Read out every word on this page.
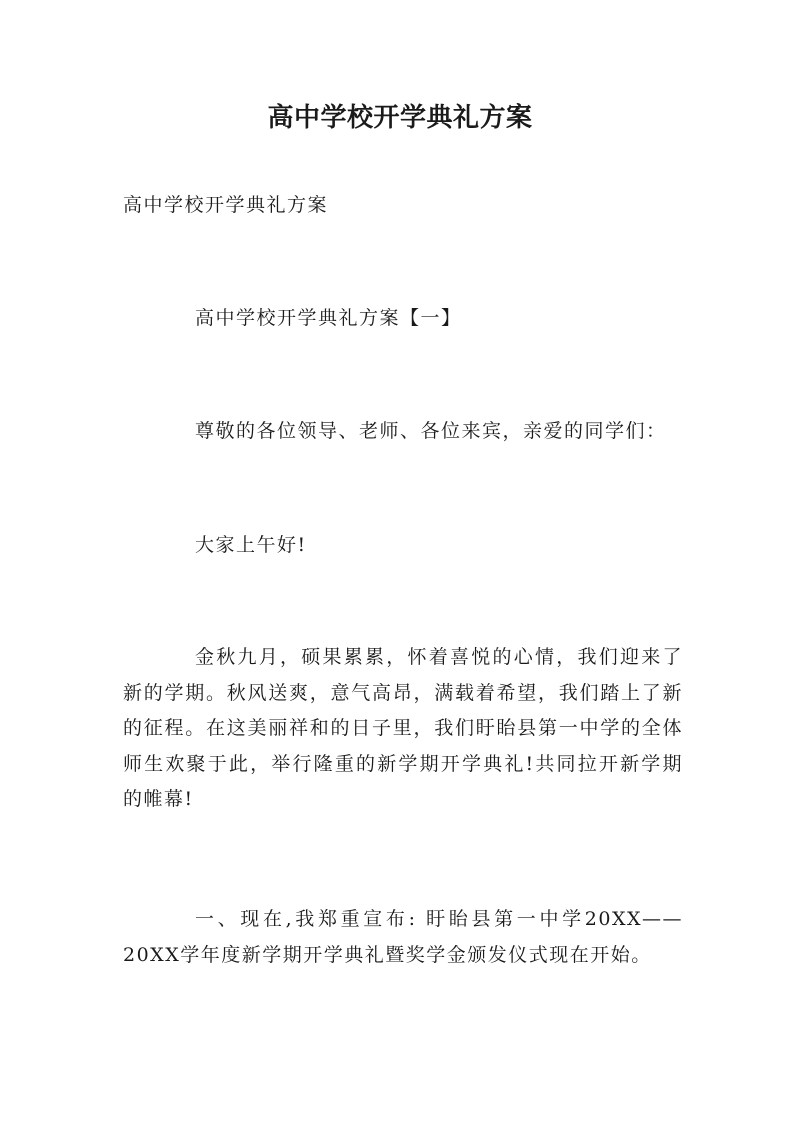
高中学校开学典礼方案
高中学校开学典礼方案
高中学校开学典礼方案【一】
尊敬的各位领导、老师、各位来宾，亲爱的同学们：
大家上午好!
金秋九月，硕果累累，怀着喜悦的心情，我们迎来了新的学期。秋风送爽，意气高昂，满载着希望，我们踏上了新的征程。在这美丽祥和的日子里，我们盱眙县第一中学的全体师生欢聚于此，举行隆重的新学期开学典礼!共同拉开新学期的帷幕!
一、现在,我郑重宣布: 盱眙县第一中学20XX——20XX学年度新学期开学典礼暨奖学金颁发仪式现在开始。
